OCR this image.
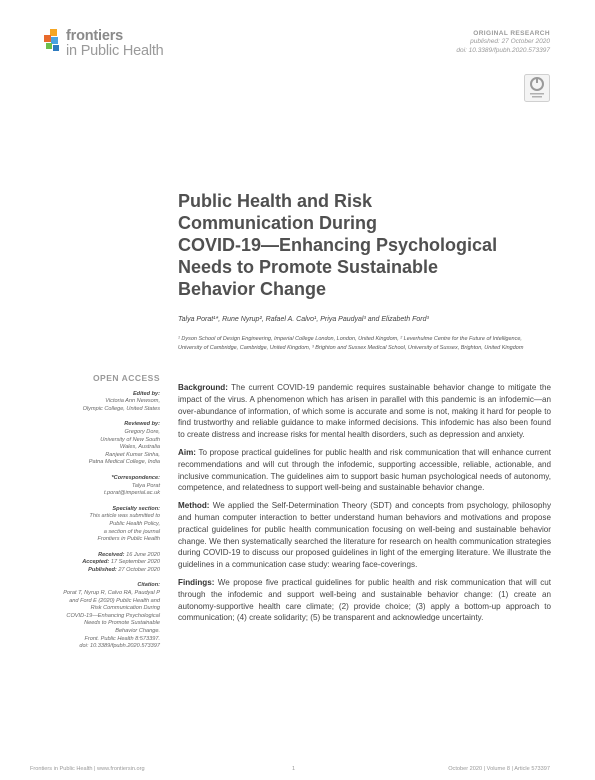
frontiers
in Public Health
ORIGINAL RESEARCH
published: 27 October 2020
doi: 10.3389/fpubh.2020.573397
Public Health and Risk
Communication During
COVID-19—Enhancing Psychological
Needs to Promote Sustainable
Behavior Change
Talya Porat¹*, Rune Nyrup², Rafael A. Calvo¹, Priya Paudyal³ and Elizabeth Ford³
¹ Dyson School of Design Engineering, Imperial College London, London, United Kingdom, ² Leverhulme Centre for the Future of Intelligence, University of Cambridge, Cambridge, United Kingdom, ³ Brighton and Sussex Medical School, University of Sussex, Brighton, United Kingdom
OPEN ACCESS
Edited by:
Victoria Ann Newsom,
Olympic College, United States
Reviewed by:
Gregory Dore,
University of New South
Wales, Australia
Ranjeet Kumar Sinha,
Patna Medical College, India
*Correspondence:
Talya Porat
t.porat@imperial.ac.uk
Specialty section:
This article was submitted to
Public Health Policy,
a section of the journal
Frontiers in Public Health
Received: 16 June 2020
Accepted: 17 September 2020
Published: 27 October 2020
Citation:
Porat T, Nyrup R, Calvo RA, Paudyal P
and Ford E (2020) Public Health and
Risk Communication During
COVID-19—Enhancing Psychological
Needs to Promote Sustainable
Behavior Change.
Front. Public Health 8:573397.
doi: 10.3389/fpubh.2020.573397

Background: The current COVID-19 pandemic requires sustainable behavior change to mitigate the impact of the virus. A phenomenon which has arisen in parallel with this pandemic is an infodemic—an over-abundance of information, of which some is accurate and some is not, making it hard for people to find trustworthy and reliable guidance to make informed decisions. This infodemic has also been found to create distress and increase risks for mental health disorders, such as depression and anxiety.

Aim: To propose practical guidelines for public health and risk communication that will enhance current recommendations and will cut through the infodemic, supporting accessible, reliable, actionable, and inclusive communication. The guidelines aim to support basic human psychological needs of autonomy, competence, and relatedness to support well-being and sustainable behavior change.

Method: We applied the Self-Determination Theory (SDT) and concepts from psychology, philosophy and human computer interaction to better understand human behaviors and motivations and propose practical guidelines for public health communication focusing on well-being and sustainable behavior change. We then systematically searched the literature for research on health communication strategies during COVID-19 to discuss our proposed guidelines in light of the emerging literature. We illustrate the guidelines in a communication case study: wearing face-coverings.

Findings: We propose five practical guidelines for public health and risk communication that will cut through the infodemic and support well-being and sustainable behavior change: (1) create an autonomy-supportive health care climate; (2) provide choice; (3) apply a bottom-up approach to communication; (4) create solidarity; (5) be transparent and acknowledge uncertainty.

Frontiers in Public Health | www.frontiersin.org	1	October 2020 | Volume 8 | Article 573397
